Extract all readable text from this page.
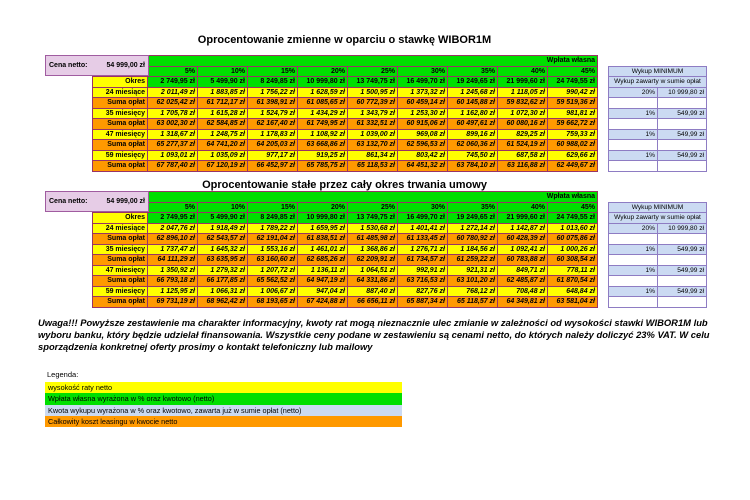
Oprocentowanie zmienne w oparciu o stawkę WIBOR1M
Cena netto:	54 999,00 zł
	Wpłata własna								
	5%	10%	15%	20%	25%	30%	35%	40%	45%
Okres	2 749,95 zł	5 499,90 zł	8 249,85 zł	10 999,80 zł	13 749,75 zł	16 499,70 zł	19 249,65 zł	21 999,60 zł	24 749,55 zł
24 miesiące	2 011,49 zł	1 883,85 zł	1 756,22 zł	1 628,59 zł	1 500,95 zł	1 373,32 zł	1 245,68 zł	1 118,05 zł	990,42 zł
Suma opłat	62 025,42 zł	61 712,17 zł	61 398,91 zł	61 085,65 zł	60 772,39 zł	60 459,14 zł	60 145,88 zł	59 832,62 zł	59 519,36 zł
35 miesięcy	1 705,78 zł	1 615,28 zł	1 524,79 zł	1 434,29 zł	1 343,79 zł	1 253,30 zł	1 162,80 zł	1 072,30 zł	981,81 zł
Suma opłat	63 002,30 zł	62 584,85 zł	62 167,40 zł	61 749,95 zł	61 332,51 zł	60 915,06 zł	60 497,61 zł	60 080,16 zł	59 662,72 zł
47 miesięcy	1 318,67 zł	1 248,75 zł	1 178,83 zł	1 108,92 zł	1 039,00 zł	969,08 zł	899,16 zł	829,25 zł	759,33 zł
Suma opłat	65 277,37 zł	64 741,20 zł	64 205,03 zł	63 668,86 zł	63 132,70 zł	62 596,53 zł	62 060,36 zł	61 524,19 zł	60 988,02 zł
59 miesięcy	1 093,01 zł	1 035,09 zł	977,17 zł	919,25 zł	861,34 zł	803,42 zł	745,50 zł	687,58 zł	629,66 zł
Suma opłat	67 787,40 zł	67 120,19 zł	66 452,97 zł	65 785,75 zł	65 118,53 zł	64 451,32 zł	63 784,10 zł	63 116,88 zł	62 449,67 zł
Wykup MINIMUM	
Wykup zawarty w sumie opłat	
20%	10 999,80 zł

1%	549,99 zł

1%	549,99 zł

1%	549,99 zł

Oprocentowanie stałe przez cały okres trwania umowy
Cena netto:	54 999,00 zł
	Wpłata własna								
	5%	10%	15%	20%	25%	30%	35%	40%	45%
Okres	2 749,95 zł	5 499,90 zł	8 249,85 zł	10 999,80 zł	13 749,75 zł	16 499,70 zł	19 249,65 zł	21 999,60 zł	24 749,55 zł
24 miesiące	2 047,76 zł	1 918,49 zł	1 789,22 zł	1 659,95 zł	1 530,68 zł	1 401,41 zł	1 272,14 zł	1 142,87 zł	1 013,60 zł
Suma opłat	62 896,10 zł	62 543,57 zł	62 191,04 zł	61 838,51 zł	61 485,98 zł	61 133,45 zł	60 780,92 zł	60 428,39 zł	60 075,86 zł
35 miesięcy	1 737,47 zł	1 645,32 zł	1 553,16 zł	1 461,01 zł	1 368,86 zł	1 276,71 zł	1 184,56 zł	1 092,41 zł	1 000,26 zł
Suma opłat	64 111,29 zł	63 635,95 zł	63 160,60 zł	62 685,26 zł	62 209,91 zł	61 734,57 zł	61 259,22 zł	60 783,88 zł	60 308,54 zł
47 miesięcy	1 350,92 zł	1 279,32 zł	1 207,72 zł	1 136,11 zł	1 064,51 zł	992,91 zł	921,31 zł	849,71 zł	778,11 zł
Suma opłat	66 793,18 zł	66 177,85 zł	65 562,52 zł	64 947,19 zł	64 331,86 zł	63 716,53 zł	63 101,20 zł	62 485,87 zł	61 870,54 zł
59 miesięcy	1 125,95 zł	1 066,31 zł	1 006,67 zł	947,04 zł	887,40 zł	827,76 zł	768,12 zł	708,48 zł	648,84 zł
Suma opłat	69 731,19 zł	68 962,42 zł	68 193,65 zł	67 424,88 zł	66 656,11 zł	65 887,34 zł	65 118,57 zł	64 349,81 zł	63 581,04 zł
Wykup MINIMUM	
Wykup zawarty w sumie opłat	
20%	10 999,80 zł

1%	549,99 zł

1%	549,99 zł

1%	549,99 zł

Uwaga!!! Powyższe zestawienie ma charakter informacyjny, kwoty rat mogą nieznacznie ulec zmianie w zależności od wysokości stawki WIBOR1M lub wyboru banku, który będzie udzielał finansowania. Wszystkie ceny podane w zestawieniu są cenami netto, do których należy doliczyć 23% VAT. W celu sporządzenia konkretnej oferty prosimy o kontakt telefoniczny lub mailowy

Legenda:
wysokość raty netto
Wpłata własna wyrażona w % oraz kwotowo (netto)
Kwota wykupu wyrażona w % oraz kwotowo, zawarta już w sumie opłat (netto)
Całkowity koszt leasingu w kwocie netto
